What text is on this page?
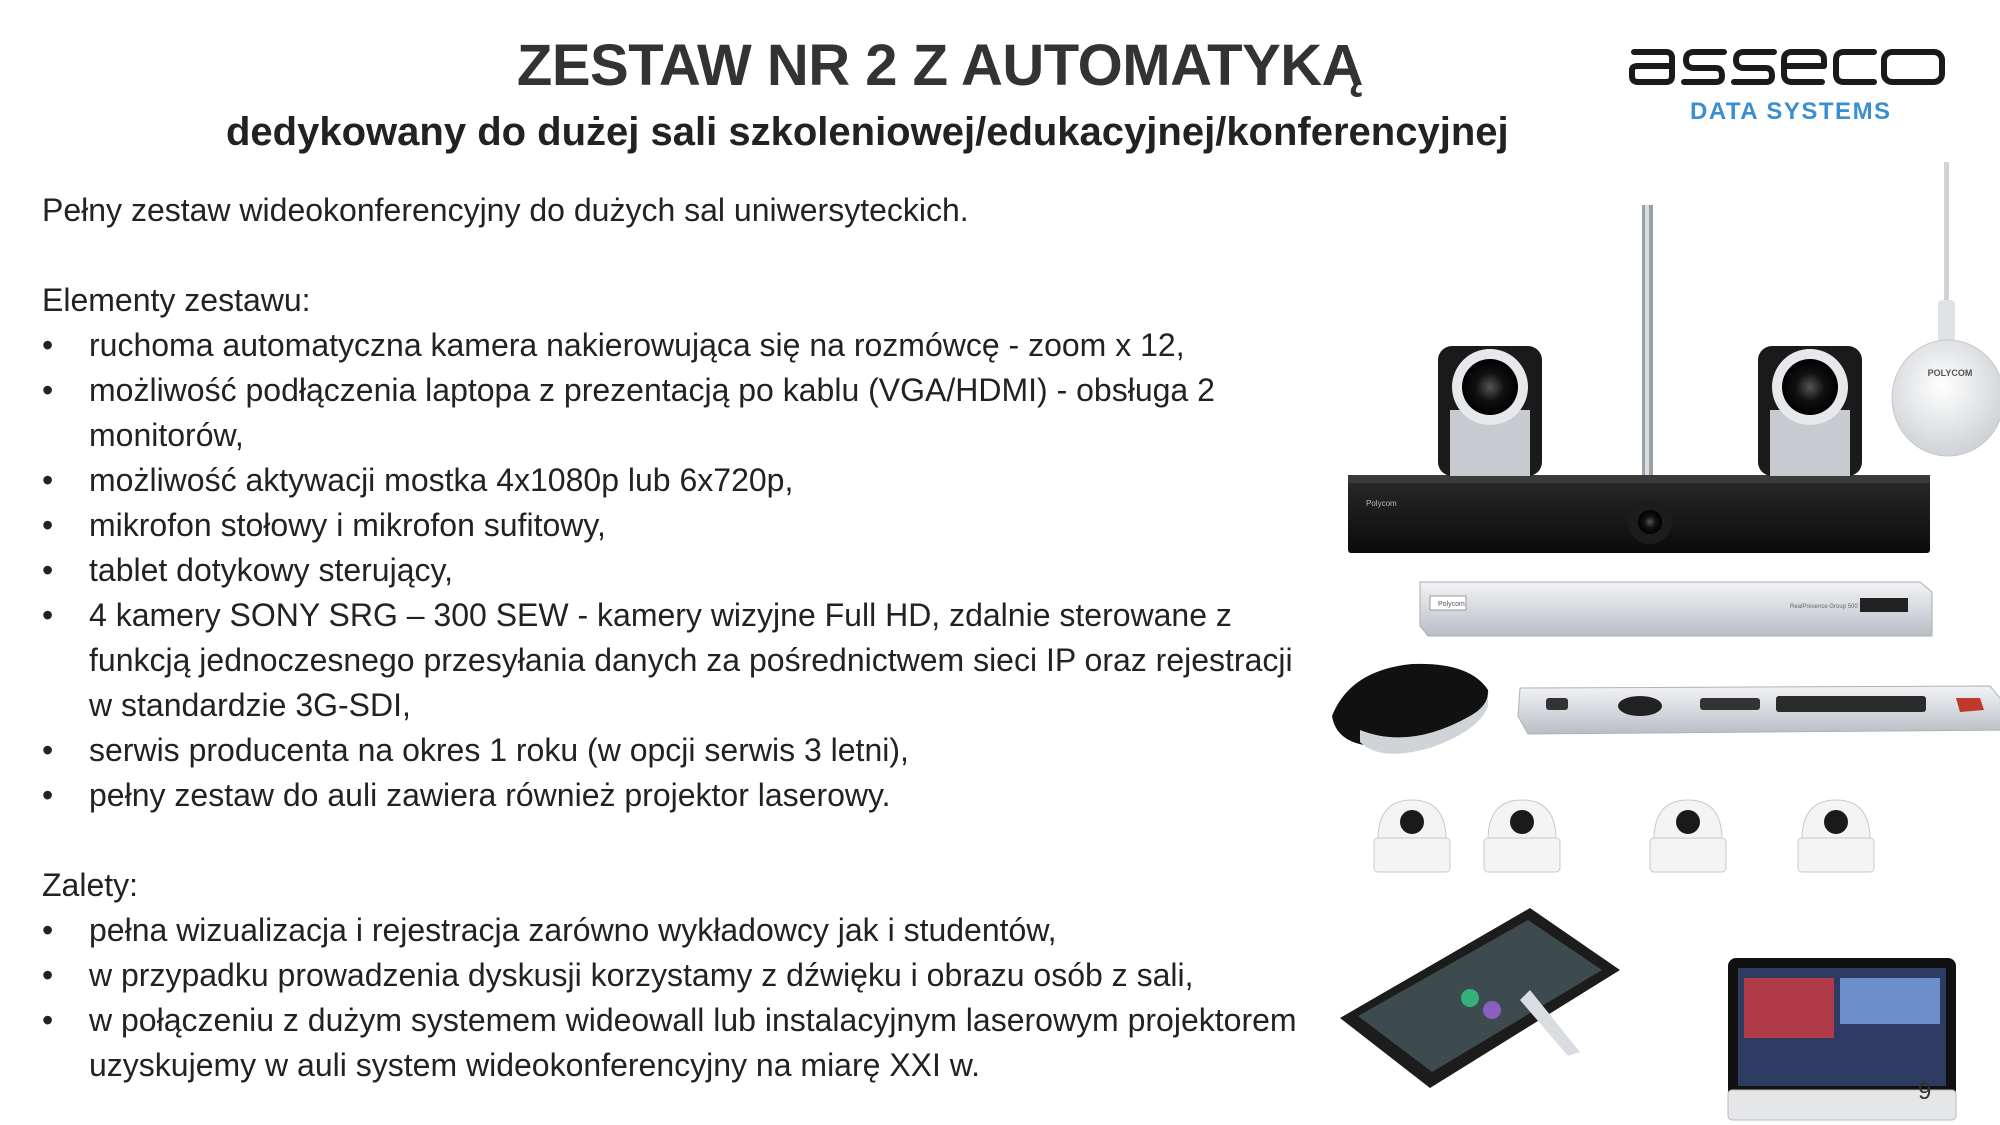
ZESTAW NR 2 Z AUTOMATYKĄ
dedykowany do dużej sali szkoleniowej/edukacyjnej/konferencyjnej	DATA SYSTEMS

Pełny zestaw wideokonferencyjny do dużych sal uniwersyteckich.

Elementy zestawu:

• ruchoma automatyczna kamera nakierowująca się na rozmówcę - zoom x 12,
• możliwość podłączenia laptopa z prezentacją po kablu (VGA/HDMI) - obsługa 2 monitorów,
• możliwość aktywacji mostka 4x1080p lub 6x720p,
• mikrofon stołowy i mikrofon sufitowy,
• tablet dotykowy sterujący,
• 4 kamery SONY SRG – 300 SEW - kamery wizyjne Full HD, zdalnie sterowane z funkcją jednoczesnego przesyłania danych za pośrednictwem sieci IP oraz rejestracji w standardzie 3G-SDI,
• serwis producenta na okres 1 roku (w opcji serwis 3 letni),
• pełny zestaw do auli zawiera również projektor laserowy.

Zalety:

• pełna wizualizacja i rejestracja zarówno wykładowcy jak i studentów,
• w przypadku prowadzenia dyskusji korzystamy z dźwięku i obrazu osób z sali,
• w połączeniu z dużym systemem wideowall lub instalacyjnym laserowym projektorem uzyskujemy w auli system wideokonferencyjny na miarę XXI w.
Polycom
POLYCOM
Polycom	RealPresence Group 500
9
